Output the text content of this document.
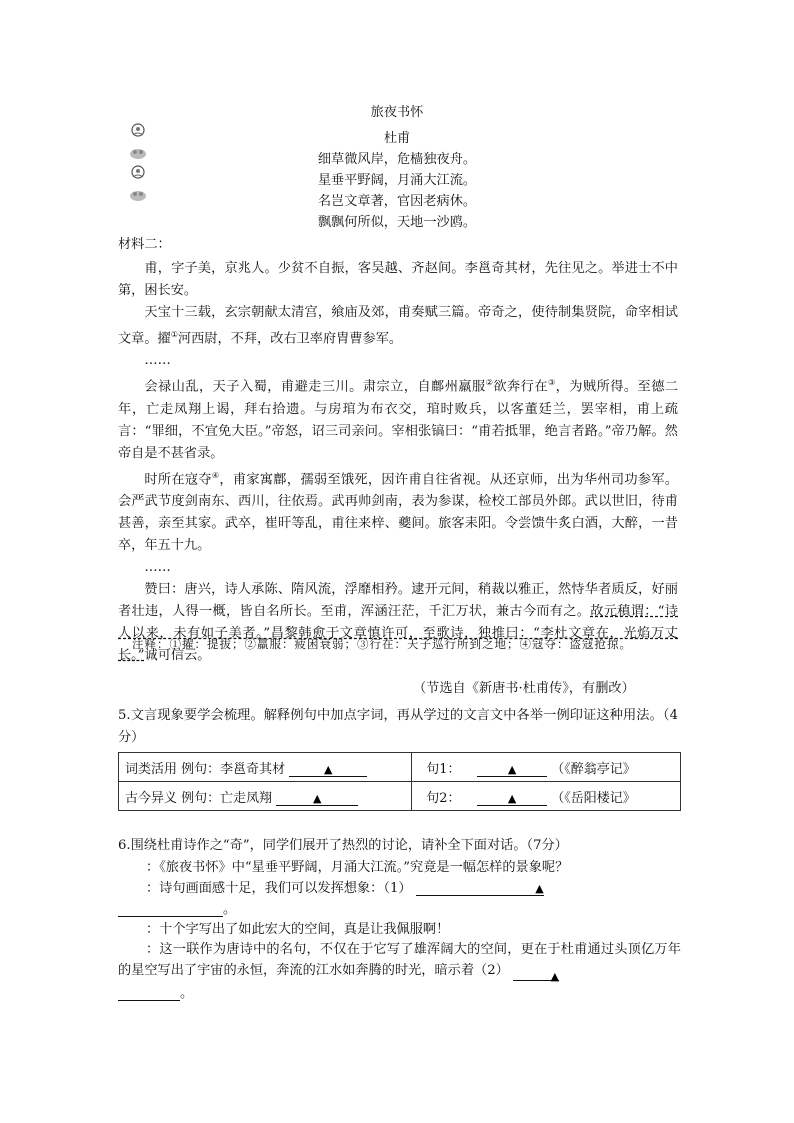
旅夜书怀
杜甫
细草微风岸，危樯独夜舟。
星垂平野阔，月涌大江流。
名岂文章著，官因老病休。
飘飘何所似，天地一沙鸥。
材料二：

甫，字子美，京兆人。少贫不自振，客吴越、齐赵间。李邕奇其材，先往见之。举进士不中第，困长安。

天宝十三载，玄宗朝献太清宫，飨庙及郊，甫奏赋三篇。帝奇之，使待制集贤院，命宰相试文章。擢①河西尉，不拜，改右卫率府胄曹参军。

……

会禄山乱，天子入蜀，甫避走三川。肃宗立，自鄜州羸服②欲奔行在③，为贼所得。至德二年，亡走凤翔上谒，拜右拾遗。与房琯为布衣交，琯时败兵，以客董廷兰，罢宰相，甫上疏言：“罪细，不宜免大臣。”帝怒，诏三司亲问。宰相张镐曰：“甫若抵罪，绝言者路。”帝乃解。然帝自是不甚省录。

时所在寇夺④，甫家寓鄜，孺弱至饿死，因许甫自往省视。从还京师，出为华州司功参军。会严武节度剑南东、西川，往依焉。武再帅剑南，表为参谋，检校工部员外郎。武以世旧，待甫甚善，亲至其家。武卒，崔旰等乱，甫往来梓、夔间。旅客耒阳。令尝馈牛炙白酒，大醉，一昔卒，年五十九。

……

赞曰：唐兴，诗人承陈、隋风流，浮靡相矜。逮开元间，稍裁以雅正，然恃华者质反，好丽者壮违，人得一概，皆自名所长。至甫，浑涵汪茫，千汇万状，兼古今而有之。故元稹谓：“诗人以来，未有如子美者。”昌黎韩愈于文章慎许可，至歌诗，独推曰：“李杜文章在，光焰万丈长。”诚可信云。

注释：①擢：提拔；②羸服：疲困衰弱；③行在：天子巡行所到之地；④寇夺：盗寇抢掠。
（节选自《新唐书·杜甫传》，有删改）
5.文言现象要学会梳理。解释例句中加点字词，再从学过的文言文中各举一例印证这种用法。（4分）
词类活用 例句：李邕奇其材 ▲	句1： ▲ （《醉翁亭记》
古今异义 例句：亡走凤翔 ▲	句2： ▲ （《岳阳楼记》
6.围绕杜甫诗作之“奇”，同学们展开了热烈的讨论，请补全下面对话。（7分）
：《旅夜书怀》中“星垂平野阔，月涌大江流。”究竟是一幅怎样的景象呢？
：诗句画面感十足，我们可以发挥想象：（1）	▲
。
：十个字写出了如此宏大的空间，真是让我佩服啊！

：这一联作为唐诗中的名句，不仅在于它写了雄浑阔大的空间，更在于杜甫通过头顶亿万年的星空写出了宇宙的永恒，奔流的江水如奔腾的时光，暗示着（2）	▲

。
